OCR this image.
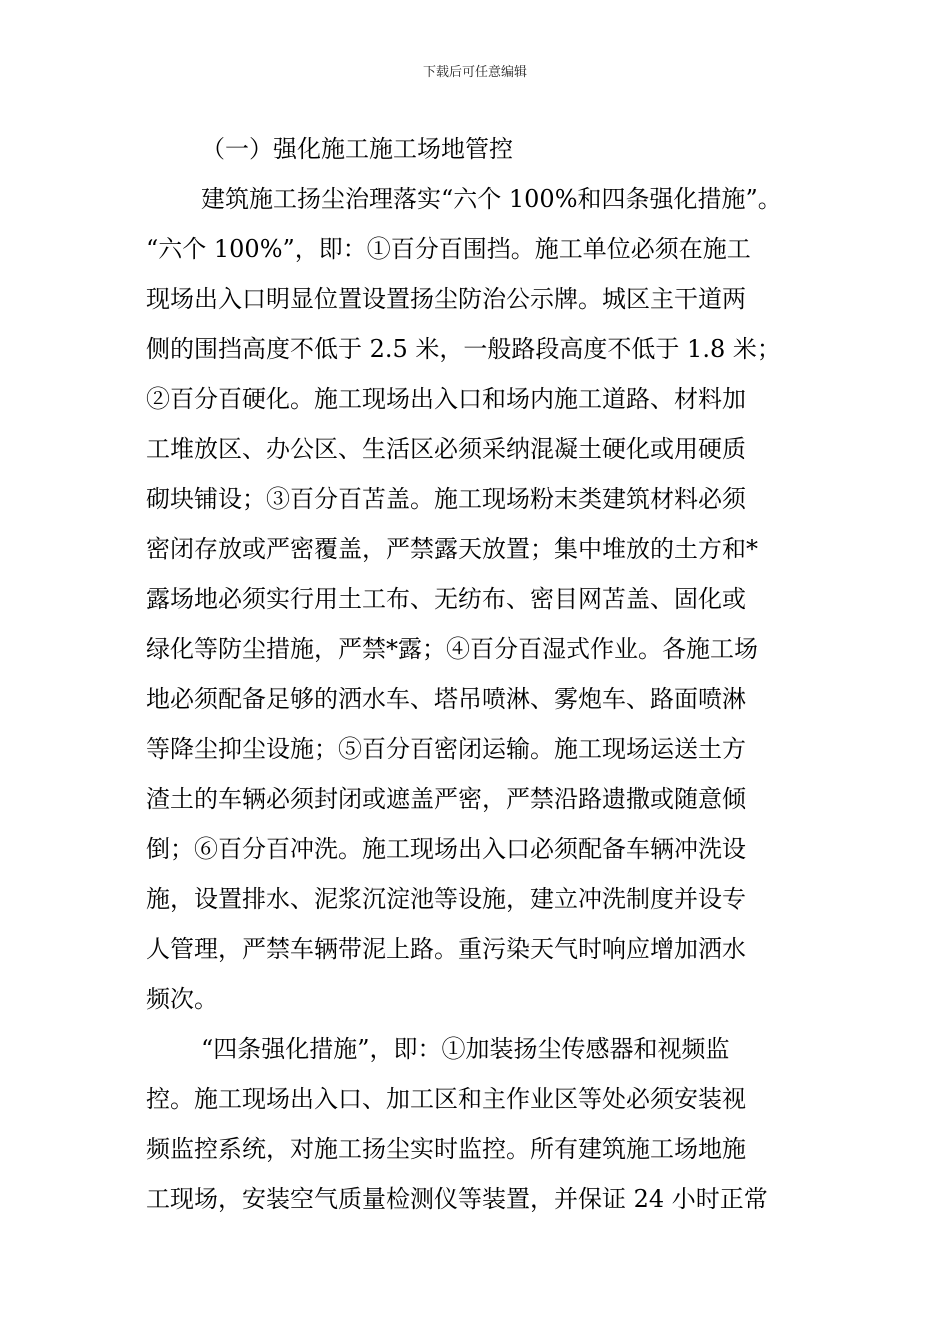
下载后可任意编辑
（一）强化施工施工场地管控
建筑施工扬尘治理落实“六个 100%和四条强化措施”。
“六个 100%”，即：①百分百围挡。施工单位必须在施工
现场出入口明显位置设置扬尘防治公示牌。城区主干道两
侧的围挡高度不低于 2.5 米，一般路段高度不低于 1.8 米；
②百分百硬化。施工现场出入口和场内施工道路、材料加
工堆放区、办公区、生活区必须采纳混凝土硬化或用硬质
砌块铺设；③百分百苫盖。施工现场粉末类建筑材料必须
密闭存放或严密覆盖，严禁露天放置；集中堆放的土方和*
露场地必须实行用土工布、无纺布、密目网苫盖、固化或
绿化等防尘措施，严禁*露；④百分百湿式作业。各施工场
地必须配备足够的洒水车、塔吊喷淋、雾炮车、路面喷淋
等降尘抑尘设施；⑤百分百密闭运输。施工现场运送土方
渣土的车辆必须封闭或遮盖严密，严禁沿路遗撒或随意倾
倒；⑥百分百冲洗。施工现场出入口必须配备车辆冲洗设
施，设置排水、泥浆沉淀池等设施，建立冲洗制度并设专
人管理，严禁车辆带泥上路。重污染天气时响应增加洒水
频次。
“四条强化措施”，即：①加装扬尘传感器和视频监
控。施工现场出入口、加工区和主作业区等处必须安装视
频监控系统，对施工扬尘实时监控。所有建筑施工场地施
工现场，安装空气质量检测仪等装置，并保证 24 小时正常
